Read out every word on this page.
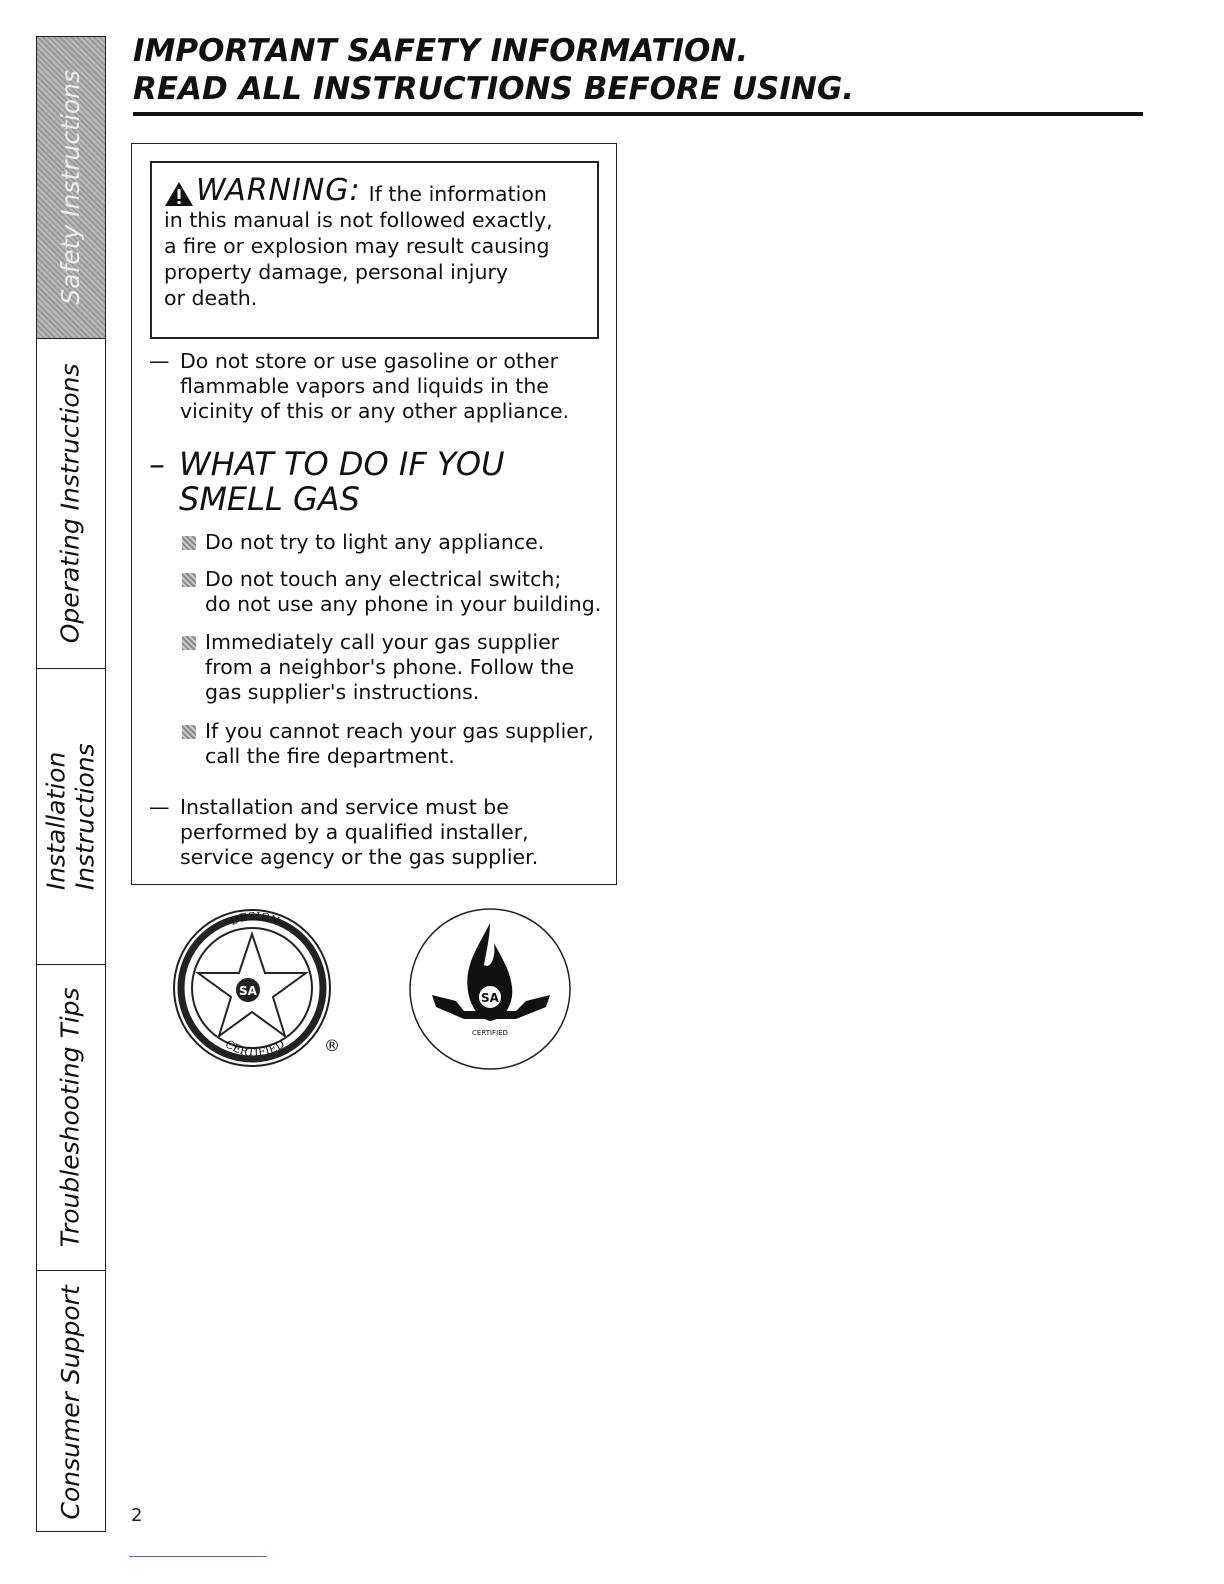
Safety Instructions
Operating Instructions
Installation
Instructions
Troubleshooting Tips
Consumer Support
IMPORTANT SAFETY INFORMATION.
READ ALL INSTRUCTIONS BEFORE USING.
WARNING: If the information
in this manual is not followed exactly,
a fire or explosion may result causing
property damage, personal injury
or death.
— Do not store or use gasoline or other
flammable vapors and liquids in the
vicinity of this or any other appliance.
– WHAT TO DO IF YOU
SMELL GAS
Do not try to light any appliance.
Do not touch any electrical switch;
do not use any phone in your building.
Immediately call your gas supplier
from a neighbor's phone. Follow the
gas supplier's instructions.
If you cannot reach your gas supplier,
call the fire department.
— Installation and service must be
performed by a qualified installer,
service agency or the gas supplier.
SA
DESIGN
CERTIFIED ®
SA
CERTIFIED
2
